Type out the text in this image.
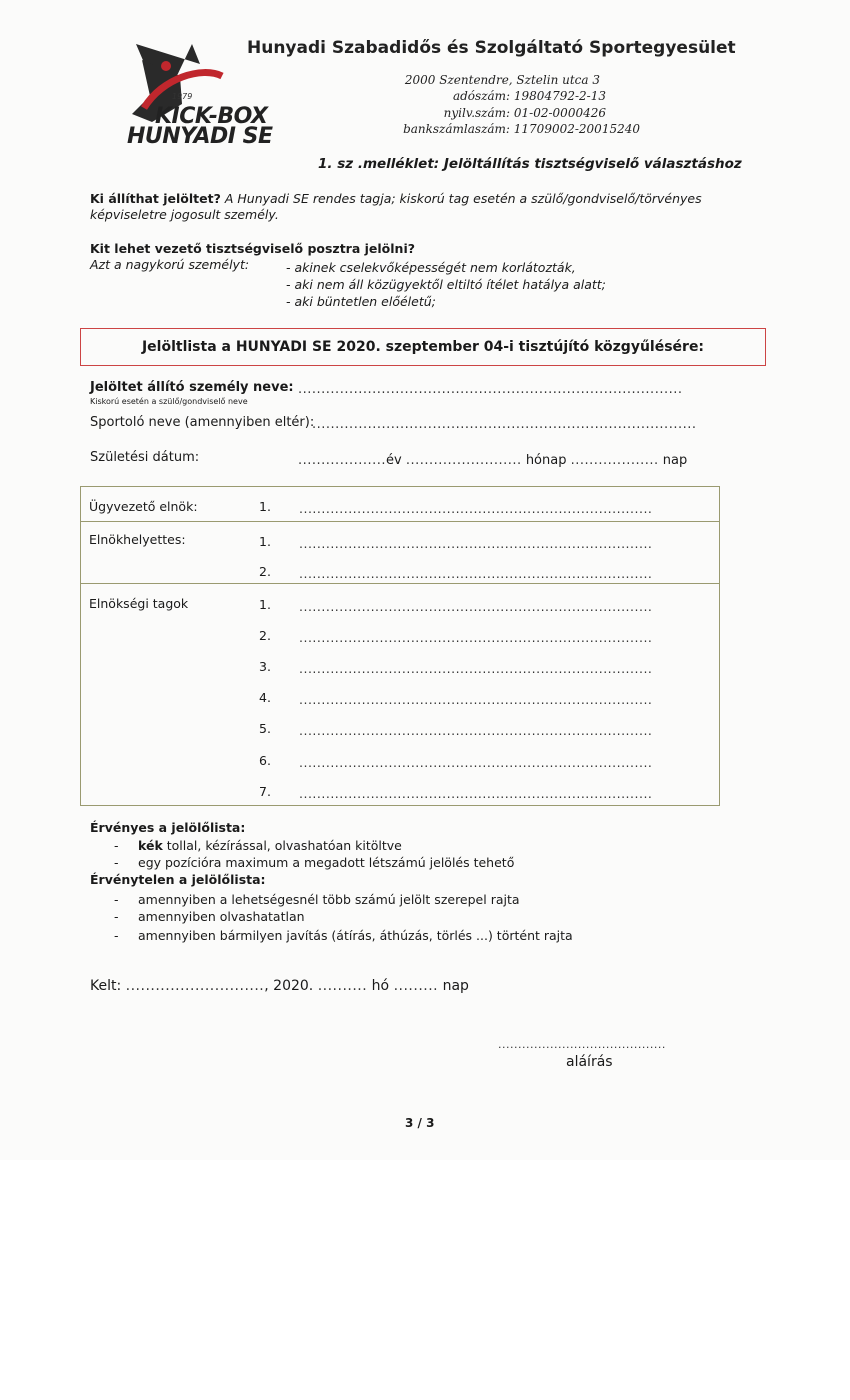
1979
KICK-BOX
HUNYADI SE
Hunyadi Szabadidős és Szolgáltató Sportegyesület
2000 Szentendre, Sztelin utca 3
adószám: 19804792-2-13
nyilv.szám: 01-02-0000426
bankszámlaszám: 11709002-20015240
1. sz .melléklet: Jelöltállítás tisztségviselő választáshoz
Ki állíthat jelöltet? A Hunyadi SE rendes tagja; kiskorú tag esetén a szülő/gondviselő/törvényes
képviseletre jogosult személy.
Kit lehet vezető tisztségviselő posztra jelölni?
Azt a nagykorú személyt:	- akinek cselekvőképességét nem korlátozták,
- aki nem áll közügyektől eltiltó ítélet hatálya alatt;
- aki büntetlen előéletű;
Jelöltlista a HUNYADI SE 2020. szeptember 04-i tisztújító közgyűlésére:
Jelöltet állító személy neve:
Kiskorú esetén a szülő/gondviselő neve
...................................................................................
Sportoló neve (amennyiben eltér):
...................................................................................
Születési dátum:	...................év ......................... hónap ................... nap
Ügyvezető elnök:	1. ...............................................................................
Elnökhelyettes:	1. ...............................................................................
2. ...............................................................................
Elnökségi tagok	1. ...............................................................................
2. ...............................................................................
3. ...............................................................................
4. ...............................................................................
5. ...............................................................................
6. ...............................................................................
7. ...............................................................................
Érvényes a jelölőlista:
- kék tollal, kézírással, olvashatóan kitöltve
- egy pozícióra maximum a megadott létszámú jelölés tehető
Érvénytelen a jelölőlista:
- amennyiben a lehetségesnél több számú jelölt szerepel rajta
- amennyiben olvashatatlan
- amennyiben bármilyen javítás (átírás, áthúzás, törlés ...) történt rajta
Kelt: ............................, 2020. .......... hó ......... nap
..........................................
aláírás
3 / 3
